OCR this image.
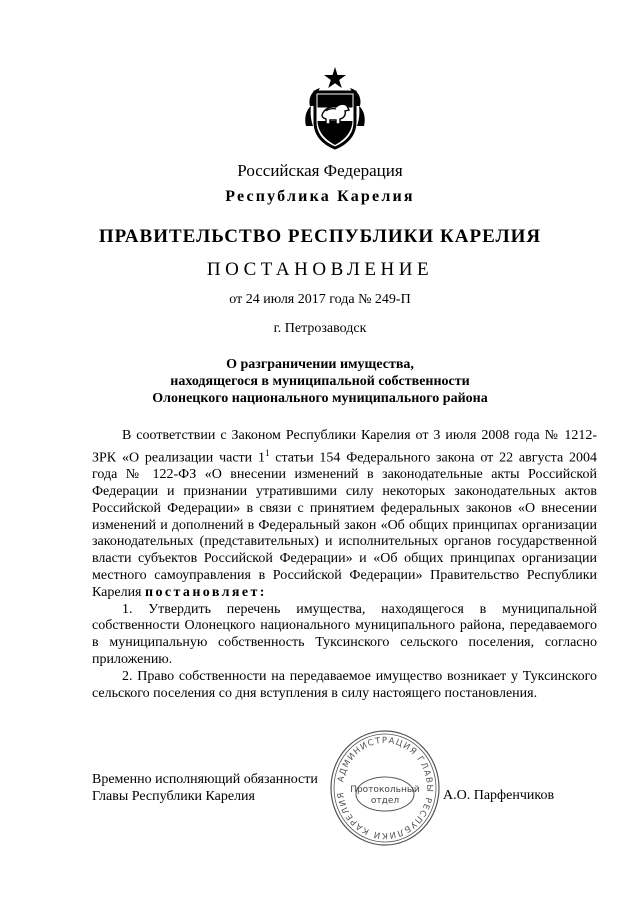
Российская Федерация
Республика Карелия
ПРАВИТЕЛЬСТВО РЕСПУБЛИКИ КАРЕЛИЯ
ПОСТАНОВЛЕНИЕ
от 24 июля 2017 года № 249-П
г. Петрозаводск
О разграничении имущества,
находящегося в муниципальной собственности
Олонецкого национального муниципального района

В соответствии с Законом Республики Карелия от 3 июля 2008 года № 1212-ЗРК «О реализации части $1^1$ статьи 154 Федерального закона от 22 августа 2004 года № 122-ФЗ «О внесении изменений в законодательные акты Российской Федерации и признании утратившими силу некоторых законодательных актов Российской Федерации» в связи с принятием федеральных законов «О внесении изменений и дополнений в Федеральный закон «Об общих принципах организации законодательных (представительных) и исполнительных органов государственной власти субъектов Российской Федерации» и «Об общих принципах организации местного самоуправления в Российской Федерации» Правительство Республики Карелия постановляет:

1. Утвердить перечень имущества, находящегося в муниципальной собственности Олонецкого национального муниципального района, передаваемого в муниципальную собственность Туксинского сельского поселения, согласно приложению.

2. Право собственности на передаваемое имущество возникает у Туксинского сельского поселения со дня вступления в силу настоящего постановления.

Временно исполняющий обязанности
Главы Республики Карелия	А.О. Парфенчиков
АДМИНИСТРАЦИЯ ГЛАВЫ РЕСПУБЛИКИ КАРЕЛИЯ Протокольный
отдел
